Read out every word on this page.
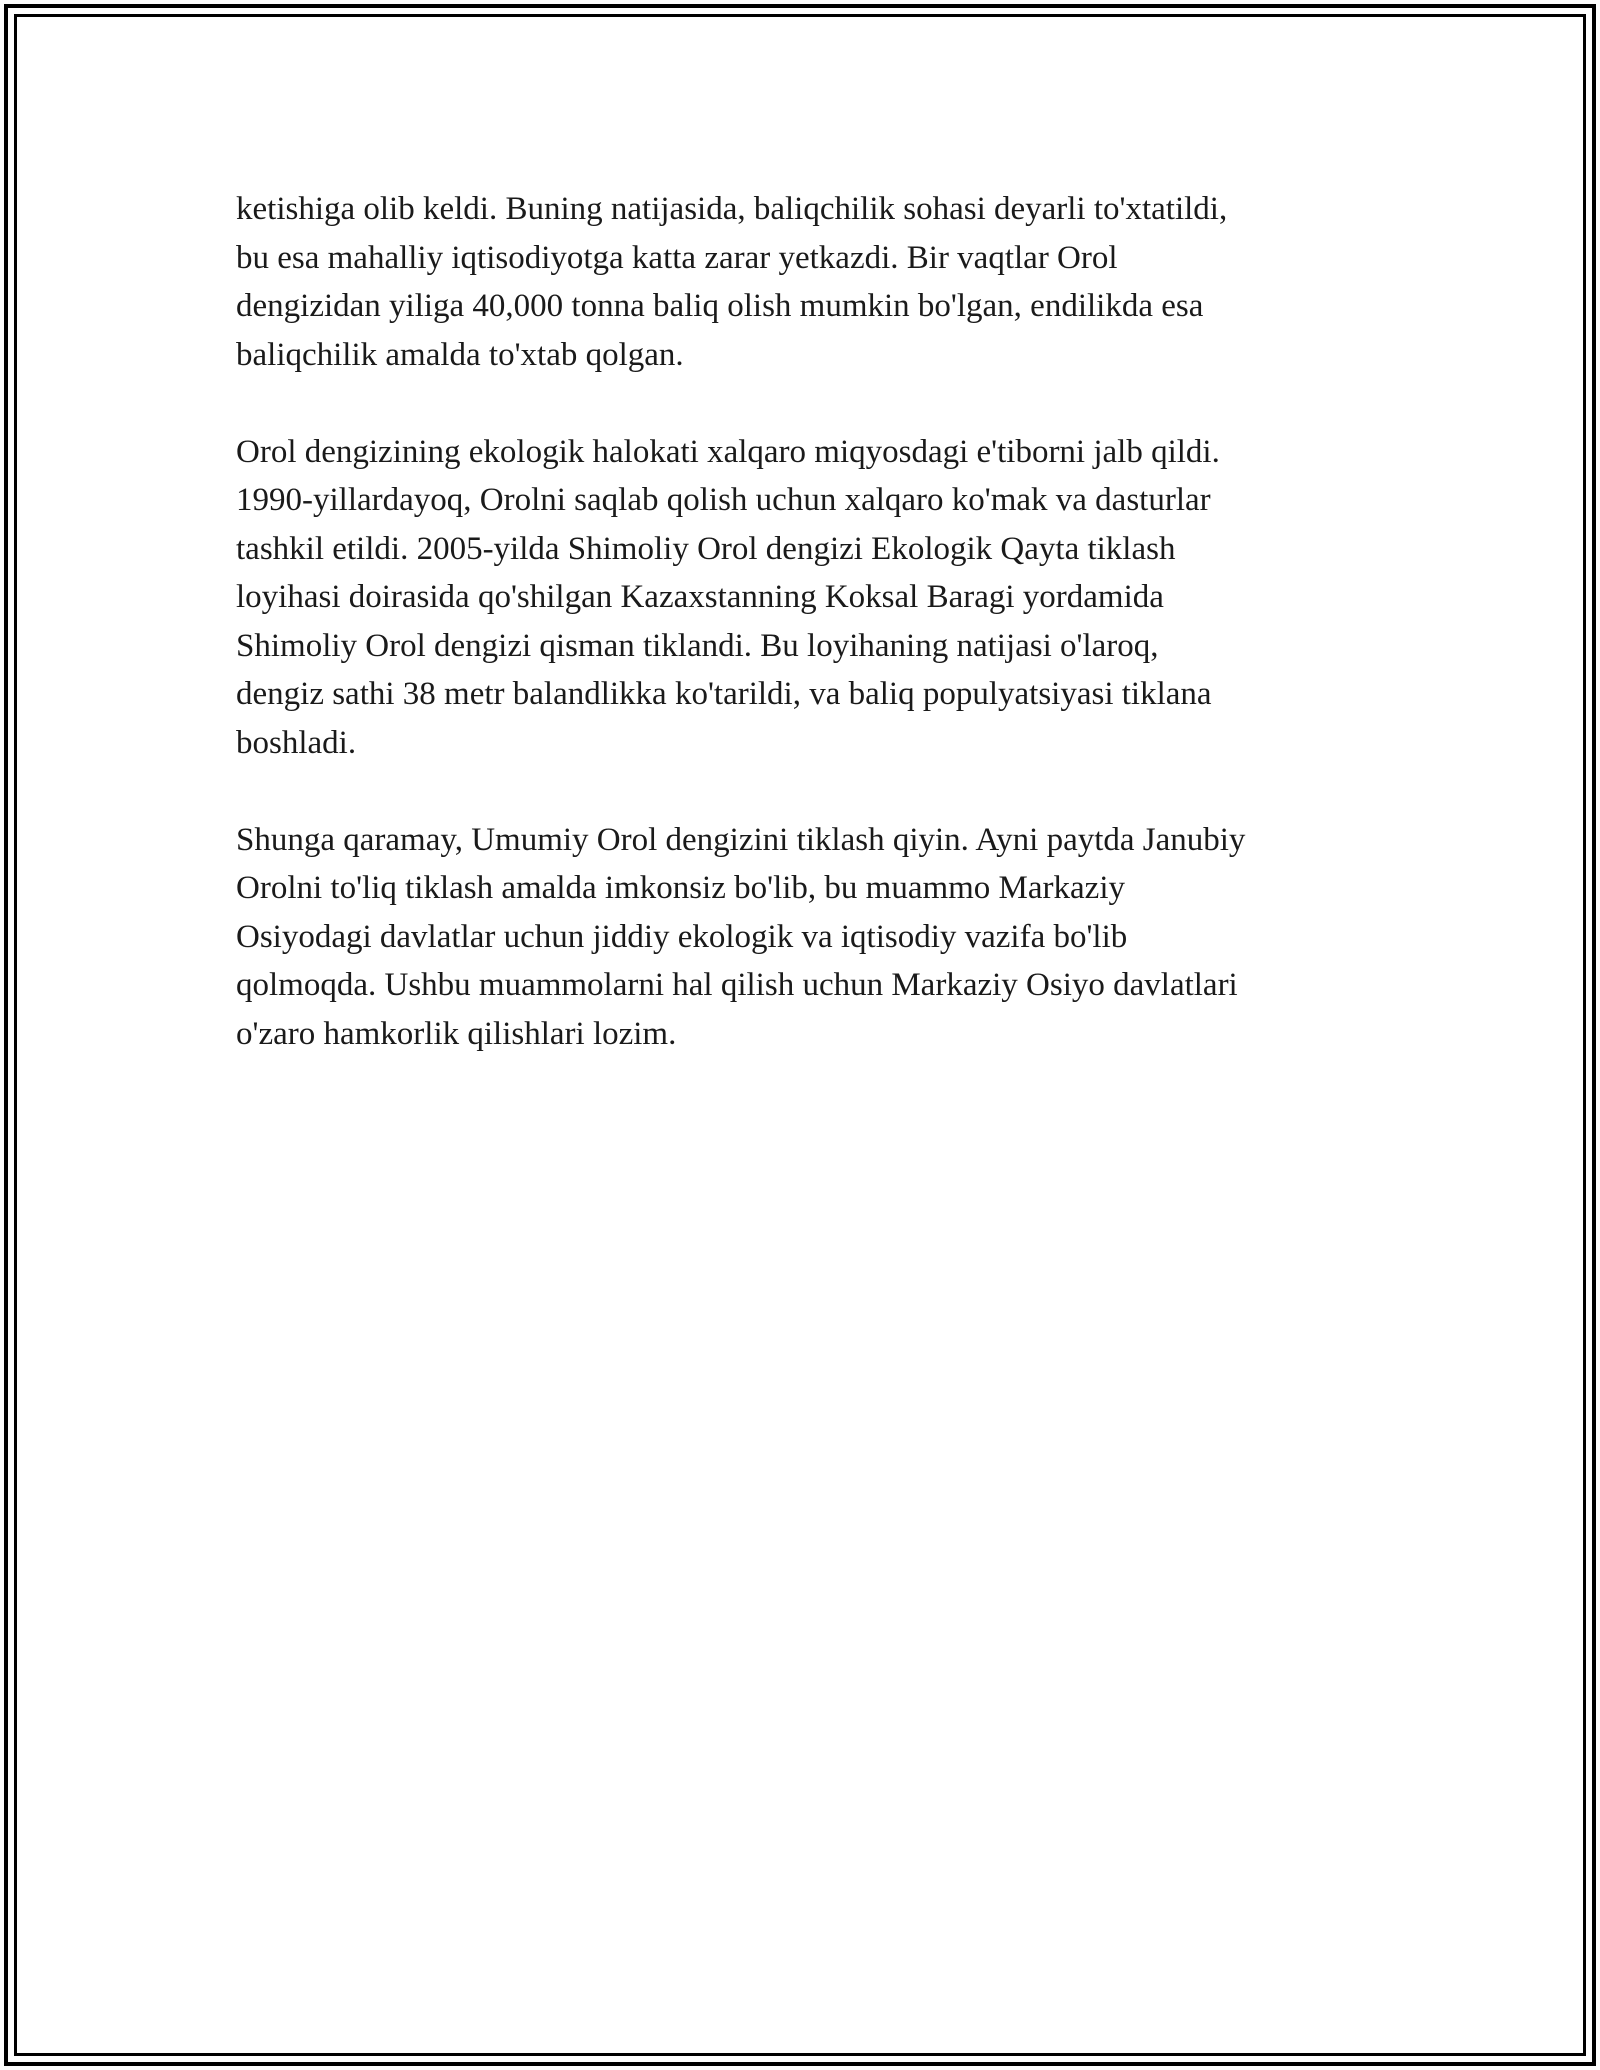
ketishiga olib keldi. Buning natijasida, baliqchilik sohasi deyarli to'xtatildi,
bu esa mahalliy iqtisodiyotga katta zarar yetkazdi. Bir vaqtlar Orol
dengizidan yiliga 40,000 tonna baliq olish mumkin bo'lgan, endilikda esa
baliqchilik amalda to'xtab qolgan.

Orol dengizining ekologik halokati xalqaro miqyosdagi e'tiborni jalb qildi.
1990-yillardayoq, Orolni saqlab qolish uchun xalqaro ko'mak va dasturlar
tashkil etildi. 2005-yilda Shimoliy Orol dengizi Ekologik Qayta tiklash
loyihasi doirasida qo'shilgan Kazaxstanning Koksal Baragi yordamida
Shimoliy Orol dengizi qisman tiklandi. Bu loyihaning natijasi o'laroq,
dengiz sathi 38 metr balandlikka ko'tarildi, va baliq populyatsiyasi tiklana
boshladi.

Shunga qaramay, Umumiy Orol dengizini tiklash qiyin. Ayni paytda Janubiy
Orolni to'liq tiklash amalda imkonsiz bo'lib, bu muammo Markaziy
Osiyodagi davlatlar uchun jiddiy ekologik va iqtisodiy vazifa bo'lib
qolmoqda. Ushbu muammolarni hal qilish uchun Markaziy Osiyo davlatlari
o'zaro hamkorlik qilishlari lozim.
